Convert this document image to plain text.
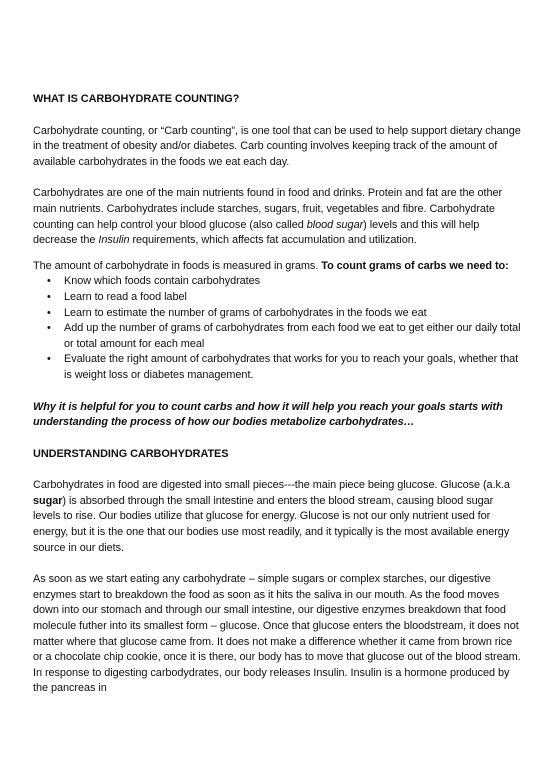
WHAT IS CARBOHYDRATE COUNTING?

Carbohydrate counting, or “Carb counting”, is one tool that can be used to help support dietary change in the treatment of obesity and/or diabetes. Carb counting involves keeping track of the amount of available carbohydrates in the foods we eat each day.

Carbohydrates are one of the main nutrients found in food and drinks. Protein and fat are the other main nutrients. Carbohydrates include starches, sugars, fruit, vegetables and fibre. Carbohydrate counting can help control your blood glucose (also called blood sugar) levels and this will help decrease the Insulin requirements, which affects fat accumulation and utilization.

The amount of carbohydrate in foods is measured in grams. To count grams of carbs we need to:

• Know which foods contain carbohydrates
• Learn to read a food label
• Learn to estimate the number of grams of carbohydrates in the foods we eat
• Add up the number of grams of carbohydrates from each food we eat to get either our daily total or total amount for each meal
• Evaluate the right amount of carbohydrates that works for you to reach your goals, whether that is weight loss or diabetes management.

Why it is helpful for you to count carbs and how it will help you reach your goals starts with understanding the process of how our bodies metabolize carbohydrates…

UNDERSTANDING CARBOHYDRATES

Carbohydrates in food are digested into small pieces---the main piece being glucose. Glucose (a.k.a sugar) is absorbed through the small intestine and enters the blood stream, causing blood sugar levels to rise. Our bodies utilize that glucose for energy. Glucose is not our only nutrient used for energy, but it is the one that our bodies use most readily, and it typically is the most available energy source in our diets.

As soon as we start eating any carbohydrate – simple sugars or complex starches, our digestive enzymes start to breakdown the food as soon as it hits the saliva in our mouth. As the food moves down into our stomach and through our small intestine, our digestive enzymes breakdown that food molecule futher into its smallest form – glucose. Once that glucose enters the bloodstream, it does not matter where that glucose came from. It does not make a difference whether it came from brown rice or a chocolate chip cookie, once it is there, our body has to move that glucose out of the blood stream. In response to digesting carbodydrates, our body releases Insulin. Insulin is a hormone produced by the pancreas in
